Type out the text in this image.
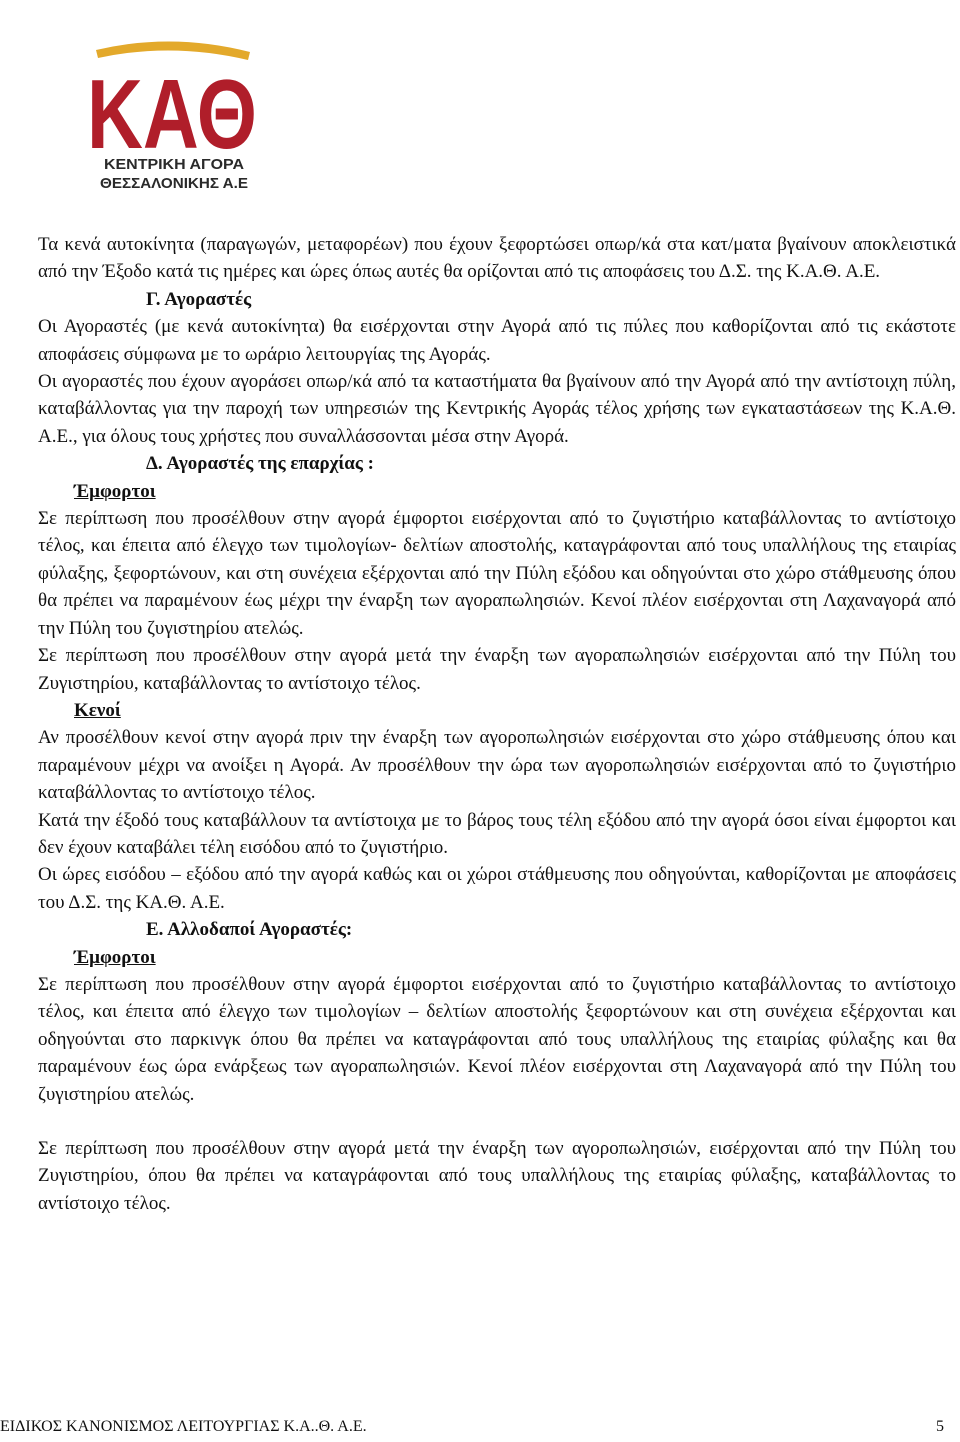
ΚΑΘ
ΚΕΝΤΡΙΚΗ ΑΓΟΡΑ
ΘΕΣΣΑΛΟΝΙΚΗΣ Α.Ε

Τα κενά αυτοκίνητα (παραγωγών, μεταφορέων) που έχουν ξεφορτώσει οπωρ/κά στα κατ/ματα βγαίνουν αποκλειστικά από την Έξοδο κατά τις ημέρες και ώρες όπως αυτές θα ορίζονται από τις αποφάσεις του Δ.Σ. της Κ.Α.Θ. Α.Ε.

Γ. Αγοραστές

Οι Αγοραστές (με κενά αυτοκίνητα) θα εισέρχονται στην Αγορά από τις πύλες που καθορίζονται από τις εκάστοτε αποφάσεις σύμφωνα με το ωράριο λειτουργίας της Αγοράς.

Οι αγοραστές που έχουν αγοράσει οπωρ/κά από τα καταστήματα θα βγαίνουν από την Αγορά από την αντίστοιχη πύλη, καταβάλλοντας για την παροχή των υπηρεσιών της Κεντρικής Αγοράς τέλος χρήσης των εγκαταστάσεων της Κ.Α.Θ. Α.Ε., για όλους τους χρήστες που συναλλάσσονται μέσα στην Αγορά.

Δ. Αγοραστές της επαρχίας :

Έμφορτοι

Σε περίπτωση που προσέλθουν στην αγορά έμφορτοι εισέρχονται από το ζυγιστήριο καταβάλλοντας το αντίστοιχο τέλος, και έπειτα από έλεγχο των τιμολογίων- δελτίων αποστολής, καταγράφονται από τους υπαλλήλους της εταιρίας φύλαξης, ξεφορτώνουν, και στη συνέχεια εξέρχονται από την Πύλη εξόδου και οδηγούνται στο χώρο στάθμευσης όπου θα πρέπει να παραμένουν έως μέχρι την έναρξη των αγοραπωλησιών. Κενοί πλέον εισέρχονται στη Λαχαναγορά από την Πύλη του ζυγιστηρίου ατελώς.

Σε περίπτωση που προσέλθουν στην αγορά μετά την έναρξη των αγοραπωλησιών εισέρχονται από την Πύλη του Ζυγιστηρίου, καταβάλλοντας το αντίστοιχο τέλος.

Κενοί

Αν προσέλθουν κενοί στην αγορά πριν την έναρξη των αγοροπωλησιών εισέρχονται στο χώρο στάθμευσης όπου και παραμένουν μέχρι να ανοίξει η Αγορά. Αν προσέλθουν την ώρα των αγοροπωλησιών εισέρχονται από το ζυγιστήριο καταβάλλοντας το αντίστοιχο τέλος.

Κατά την έξοδό τους καταβάλλουν τα αντίστοιχα με το βάρος τους τέλη εξόδου από την αγορά όσοι είναι έμφορτοι και δεν έχουν καταβάλει τέλη εισόδου από το ζυγιστήριο.

Οι ώρες εισόδου – εξόδου από την αγορά καθώς και οι χώροι στάθμευσης που οδηγούνται, καθορίζονται με αποφάσεις του Δ.Σ. της ΚΑ.Θ. Α.Ε.

Ε. Αλλοδαποί Αγοραστές:

Έμφορτοι

Σε περίπτωση που προσέλθουν στην αγορά έμφορτοι εισέρχονται από το ζυγιστήριο καταβάλλοντας το αντίστοιχο τέλος, και έπειτα από έλεγχο των τιμολογίων – δελτίων αποστολής ξεφορτώνουν και στη συνέχεια εξέρχονται και οδηγούνται στο παρκινγκ όπου θα πρέπει να καταγράφονται από τους υπαλλήλους της εταιρίας φύλαξης και θα παραμένουν έως ώρα ενάρξεως των αγοραπωλησιών. Κενοί πλέον εισέρχονται στη Λαχαναγορά από την Πύλη του ζυγιστηρίου ατελώς.

Σε περίπτωση που προσέλθουν στην αγορά μετά την έναρξη των αγοροπωλησιών, εισέρχονται από την Πύλη του Ζυγιστηρίου, όπου θα πρέπει να καταγράφονται από τους υπαλλήλους της εταιρίας φύλαξης, καταβάλλοντας το αντίστοιχο τέλος.

ΕΙΔΙΚΟΣ ΚΑΝΟΝΙΣΜΟΣ ΛΕΙΤΟΥΡΓΙΑΣ Κ.Α..Θ. Α.Ε.	5
